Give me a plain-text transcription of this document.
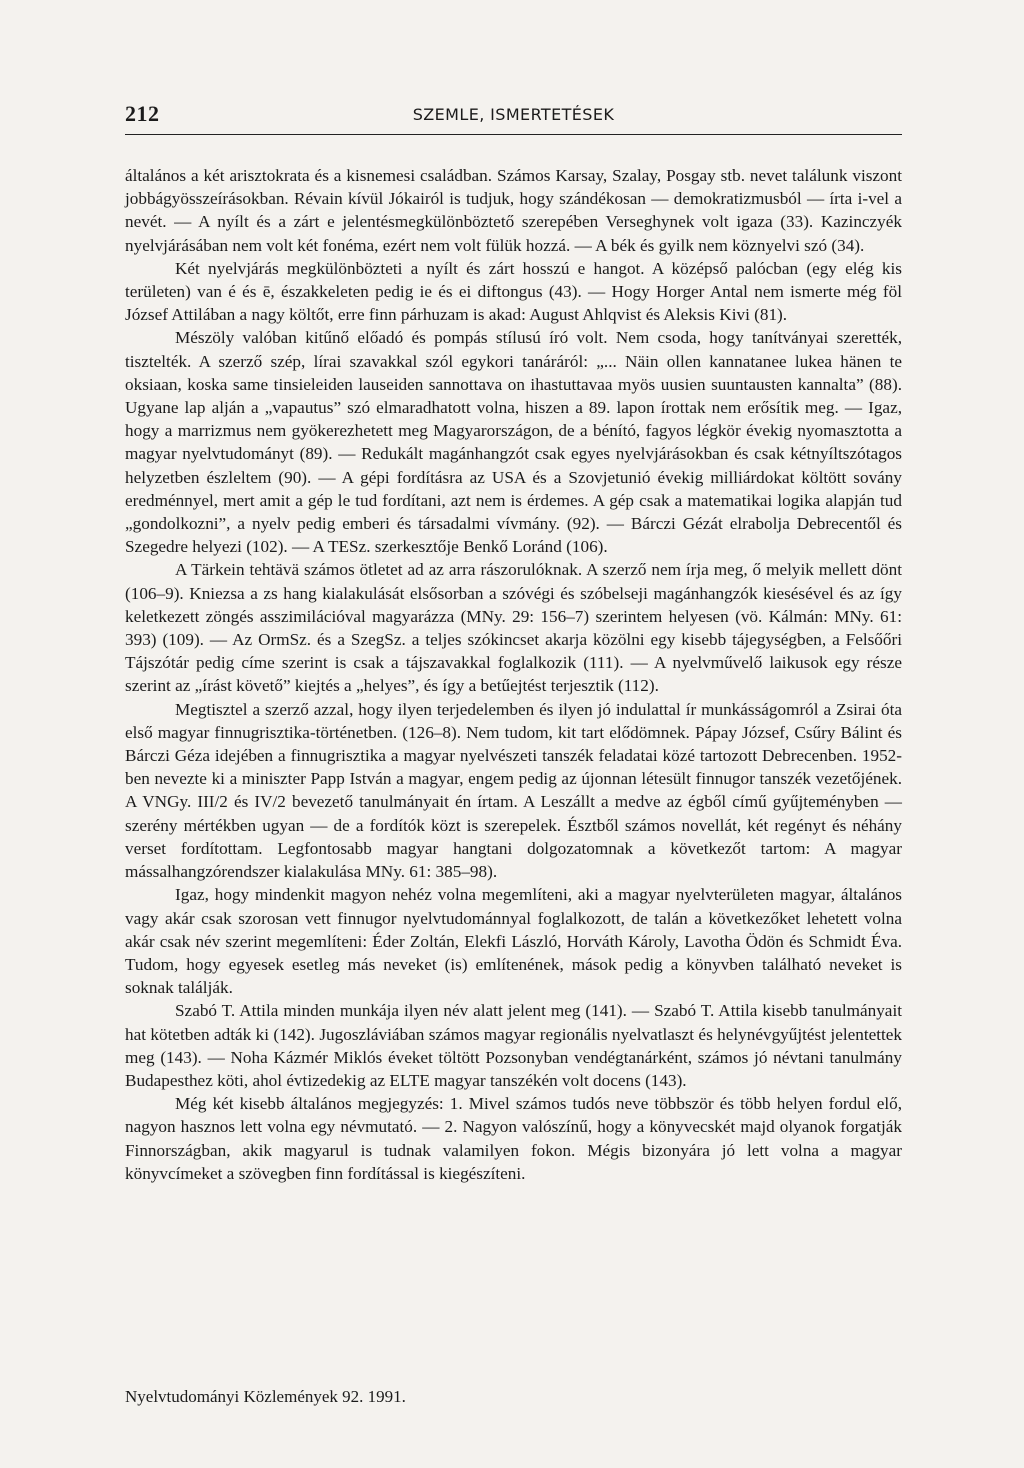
212	SZEMLE, ISMERTETÉSEK

általános a két arisztokrata és a kisnemesi családban. Számos Karsay, Szalay, Posgay stb. nevet találunk viszont jobbágyösszeírásokban. Révain kívül Jókairól is tudjuk, hogy szándékosan — demokratizmusból — írta i-vel a nevét. — A nyílt és a zárt e jelentésmegkülönböztető szerepében Verseghynek volt igaza (33). Kazinczyék nyelvjárásában nem volt két fonéma, ezért nem volt fülük hozzá. — A bék és gyilk nem köznyelvi szó (34).

Két nyelvjárás megkülönbözteti a nyílt és zárt hosszú e hangot. A középső palócban (egy elég kis területen) van é és ē, északkeleten pedig ie és ei diftongus (43). — Hogy Horger Antal nem ismerte még föl József Attilában a nagy költőt, erre finn párhuzam is akad: August Ahlqvist és Aleksis Kivi (81).

Mészöly valóban kitűnő előadó és pompás stílusú író volt. Nem csoda, hogy tanítványai szerették, tisztelték. A szerző szép, lírai szavakkal szól egykori tanáráról: „... Näin ollen kannatanee lukea hänen te oksiaan, koska same tinsieleiden lauseiden sannottava on ihastuttavaa myös uusien suuntausten kannalta” (88). Ugyane lap alján a „vapautus” szó elmaradhatott volna, hiszen a 89. lapon írottak nem erősítik meg. — Igaz, hogy a marrizmus nem gyökerezhetett meg Magyarországon, de a bénító, fagyos légkör évekig nyomasztotta a magyar nyelvtudományt (89). — Redukált magánhangzót csak egyes nyelvjárásokban és csak kétnyíltszótagos helyzetben észleltem (90). — A gépi fordításra az USA és a Szovjetunió évekig milliárdokat költött sovány eredménnyel, mert amit a gép le tud fordítani, azt nem is érdemes. A gép csak a matematikai logika alapján tud „gondolkozni”, a nyelv pedig emberi és társadalmi vívmány. (92). — Bárczi Gézát elrabolja Debrecentől és Szegedre helyezi (102). — A TESz. szerkesztője Benkő Loránd (106).

A Tärkein tehtävä számos ötletet ad az arra rászorulóknak. A szerző nem írja meg, ő melyik mellett dönt (106–9). Kniezsa a zs hang kialakulását elsősorban a szóvégi és szóbelseji magánhangzók kiesésével és az így keletkezett zöngés asszimilációval magyarázza (MNy. 29: 156–7) szerintem helyesen (vö. Kálmán: MNy. 61: 393) (109). — Az OrmSz. és a SzegSz. a teljes szókincset akarja közölni egy kisebb tájegységben, a Felsőőri Tájszótár pedig címe szerint is csak a tájszavakkal foglalkozik (111). — A nyelvművelő laikusok egy része szerint az „írást követő” kiejtés a „helyes”, és így a betűejtést terjesztik (112).

Megtisztel a szerző azzal, hogy ilyen terjedelemben és ilyen jó indulattal ír munkásságomról a Zsirai óta első magyar finnugrisztika-történetben. (126–8). Nem tudom, kit tart elődömnek. Pápay József, Csűry Bálint és Bárczi Géza idejében a finnugrisztika a magyar nyelvészeti tanszék feladatai közé tartozott Debrecenben. 1952-ben nevezte ki a miniszter Papp István a magyar, engem pedig az újonnan létesült finnugor tanszék vezetőjének. A VNGy. III/2 és IV/2 bevezető tanulmányait én írtam. A Leszállt a medve az égből című gyűjteményben — szerény mértékben ugyan — de a fordítók közt is szerepelek. Észtből számos novellát, két regényt és néhány verset fordítottam. Legfontosabb magyar hangtani dolgozatomnak a következőt tartom: A magyar mássalhangzórendszer kialakulása MNy. 61: 385–98).

Igaz, hogy mindenkit magyon nehéz volna megemlíteni, aki a magyar nyelvterületen magyar, általános vagy akár csak szorosan vett finnugor nyelvtudománnyal foglalkozott, de talán a következőket lehetett volna akár csak név szerint megemlíteni: Éder Zoltán, Elekfi László, Horváth Károly, Lavotha Ödön és Schmidt Éva. Tudom, hogy egyesek esetleg más neveket (is) említenének, mások pedig a könyvben található neveket is soknak találják.

Szabó T. Attila minden munkája ilyen név alatt jelent meg (141). — Szabó T. Attila kisebb tanulmányait hat kötetben adták ki (142). Jugoszláviában számos magyar regionális nyelvatlaszt és helynévgyűjtést jelentettek meg (143). — Noha Kázmér Miklós éveket töltött Pozsonyban vendégtanárként, számos jó névtani tanulmány Budapesthez köti, ahol évtizedekig az ELTE magyar tanszékén volt docens (143).

Még két kisebb általános megjegyzés: 1. Mivel számos tudós neve többször és több helyen fordul elő, nagyon hasznos lett volna egy névmutató. — 2. Nagyon valószínű, hogy a könyvecskét majd olyanok forgatják Finnországban, akik magyarul is tudnak valamilyen fokon. Mégis bizonyára jó lett volna a magyar könyvcímeket a szövegben finn fordítással is kiegészíteni.

Nyelvtudományi Közlemények 92. 1991.
